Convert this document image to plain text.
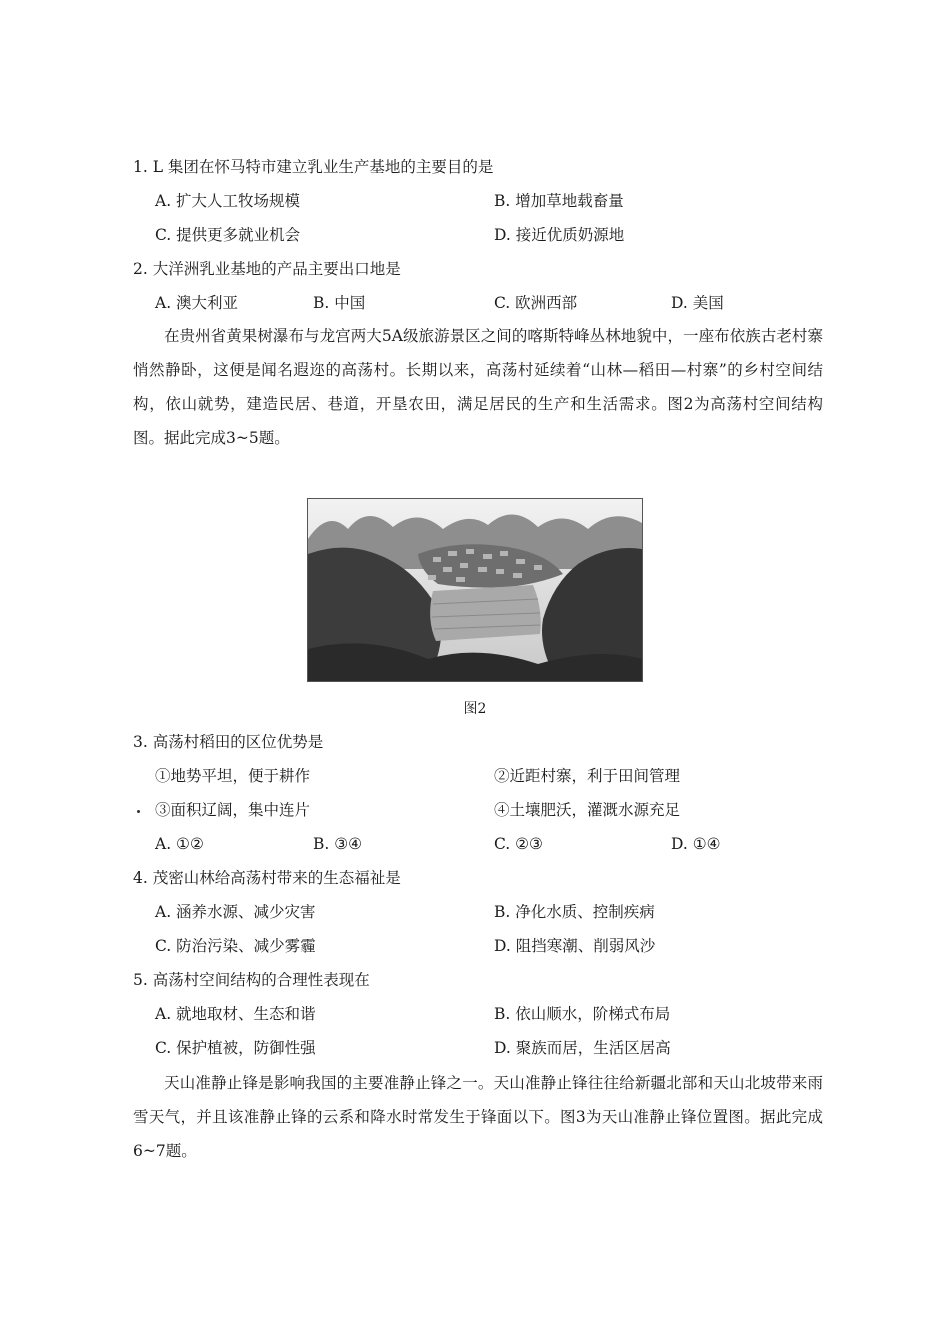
1. L 集团在怀马特市建立乳业生产基地的主要目的是
A. 扩大人工牧场规模	B. 增加草地载畜量
C. 提供更多就业机会	D. 接近优质奶源地
2. 大洋洲乳业基地的产品主要出口地是
A. 澳大利亚	B. 中国	C. 欧洲西部	D. 美国

在贵州省黄果树瀑布与龙宫两大5A级旅游景区之间的喀斯特峰丛林地貌中，一座布依族古老村寨悄然静卧，这便是闻名遐迩的高荡村。长期以来，高荡村延续着“山林—稻田—村寨”的乡村空间结构，依山就势，建造民居、巷道，开垦农田，满足居民的生产和生活需求。图2为高荡村空间结构图。据此完成3~5题。

图2
3. 高荡村稻田的区位优势是
①地势平坦，便于耕作	②近距村寨，利于田间管理
③面积辽阔，集中连片	④土壤肥沃，灌溉水源充足
A. ①②	B. ③④	C. ②③	D. ①④
4. 茂密山林给高荡村带来的生态福祉是
A. 涵养水源、减少灾害	B. 净化水质、控制疾病
C. 防治污染、减少雾霾	D. 阻挡寒潮、削弱风沙
5. 高荡村空间结构的合理性表现在
A. 就地取材、生态和谐	B. 依山顺水，阶梯式布局
C. 保护植被，防御性强	D. 聚族而居，生活区居高

天山准静止锋是影响我国的主要准静止锋之一。天山准静止锋往往给新疆北部和天山北坡带来雨雪天气，并且该准静止锋的云系和降水时常发生于锋面以下。图3为天山准静止锋位置图。据此完成6~7题。
